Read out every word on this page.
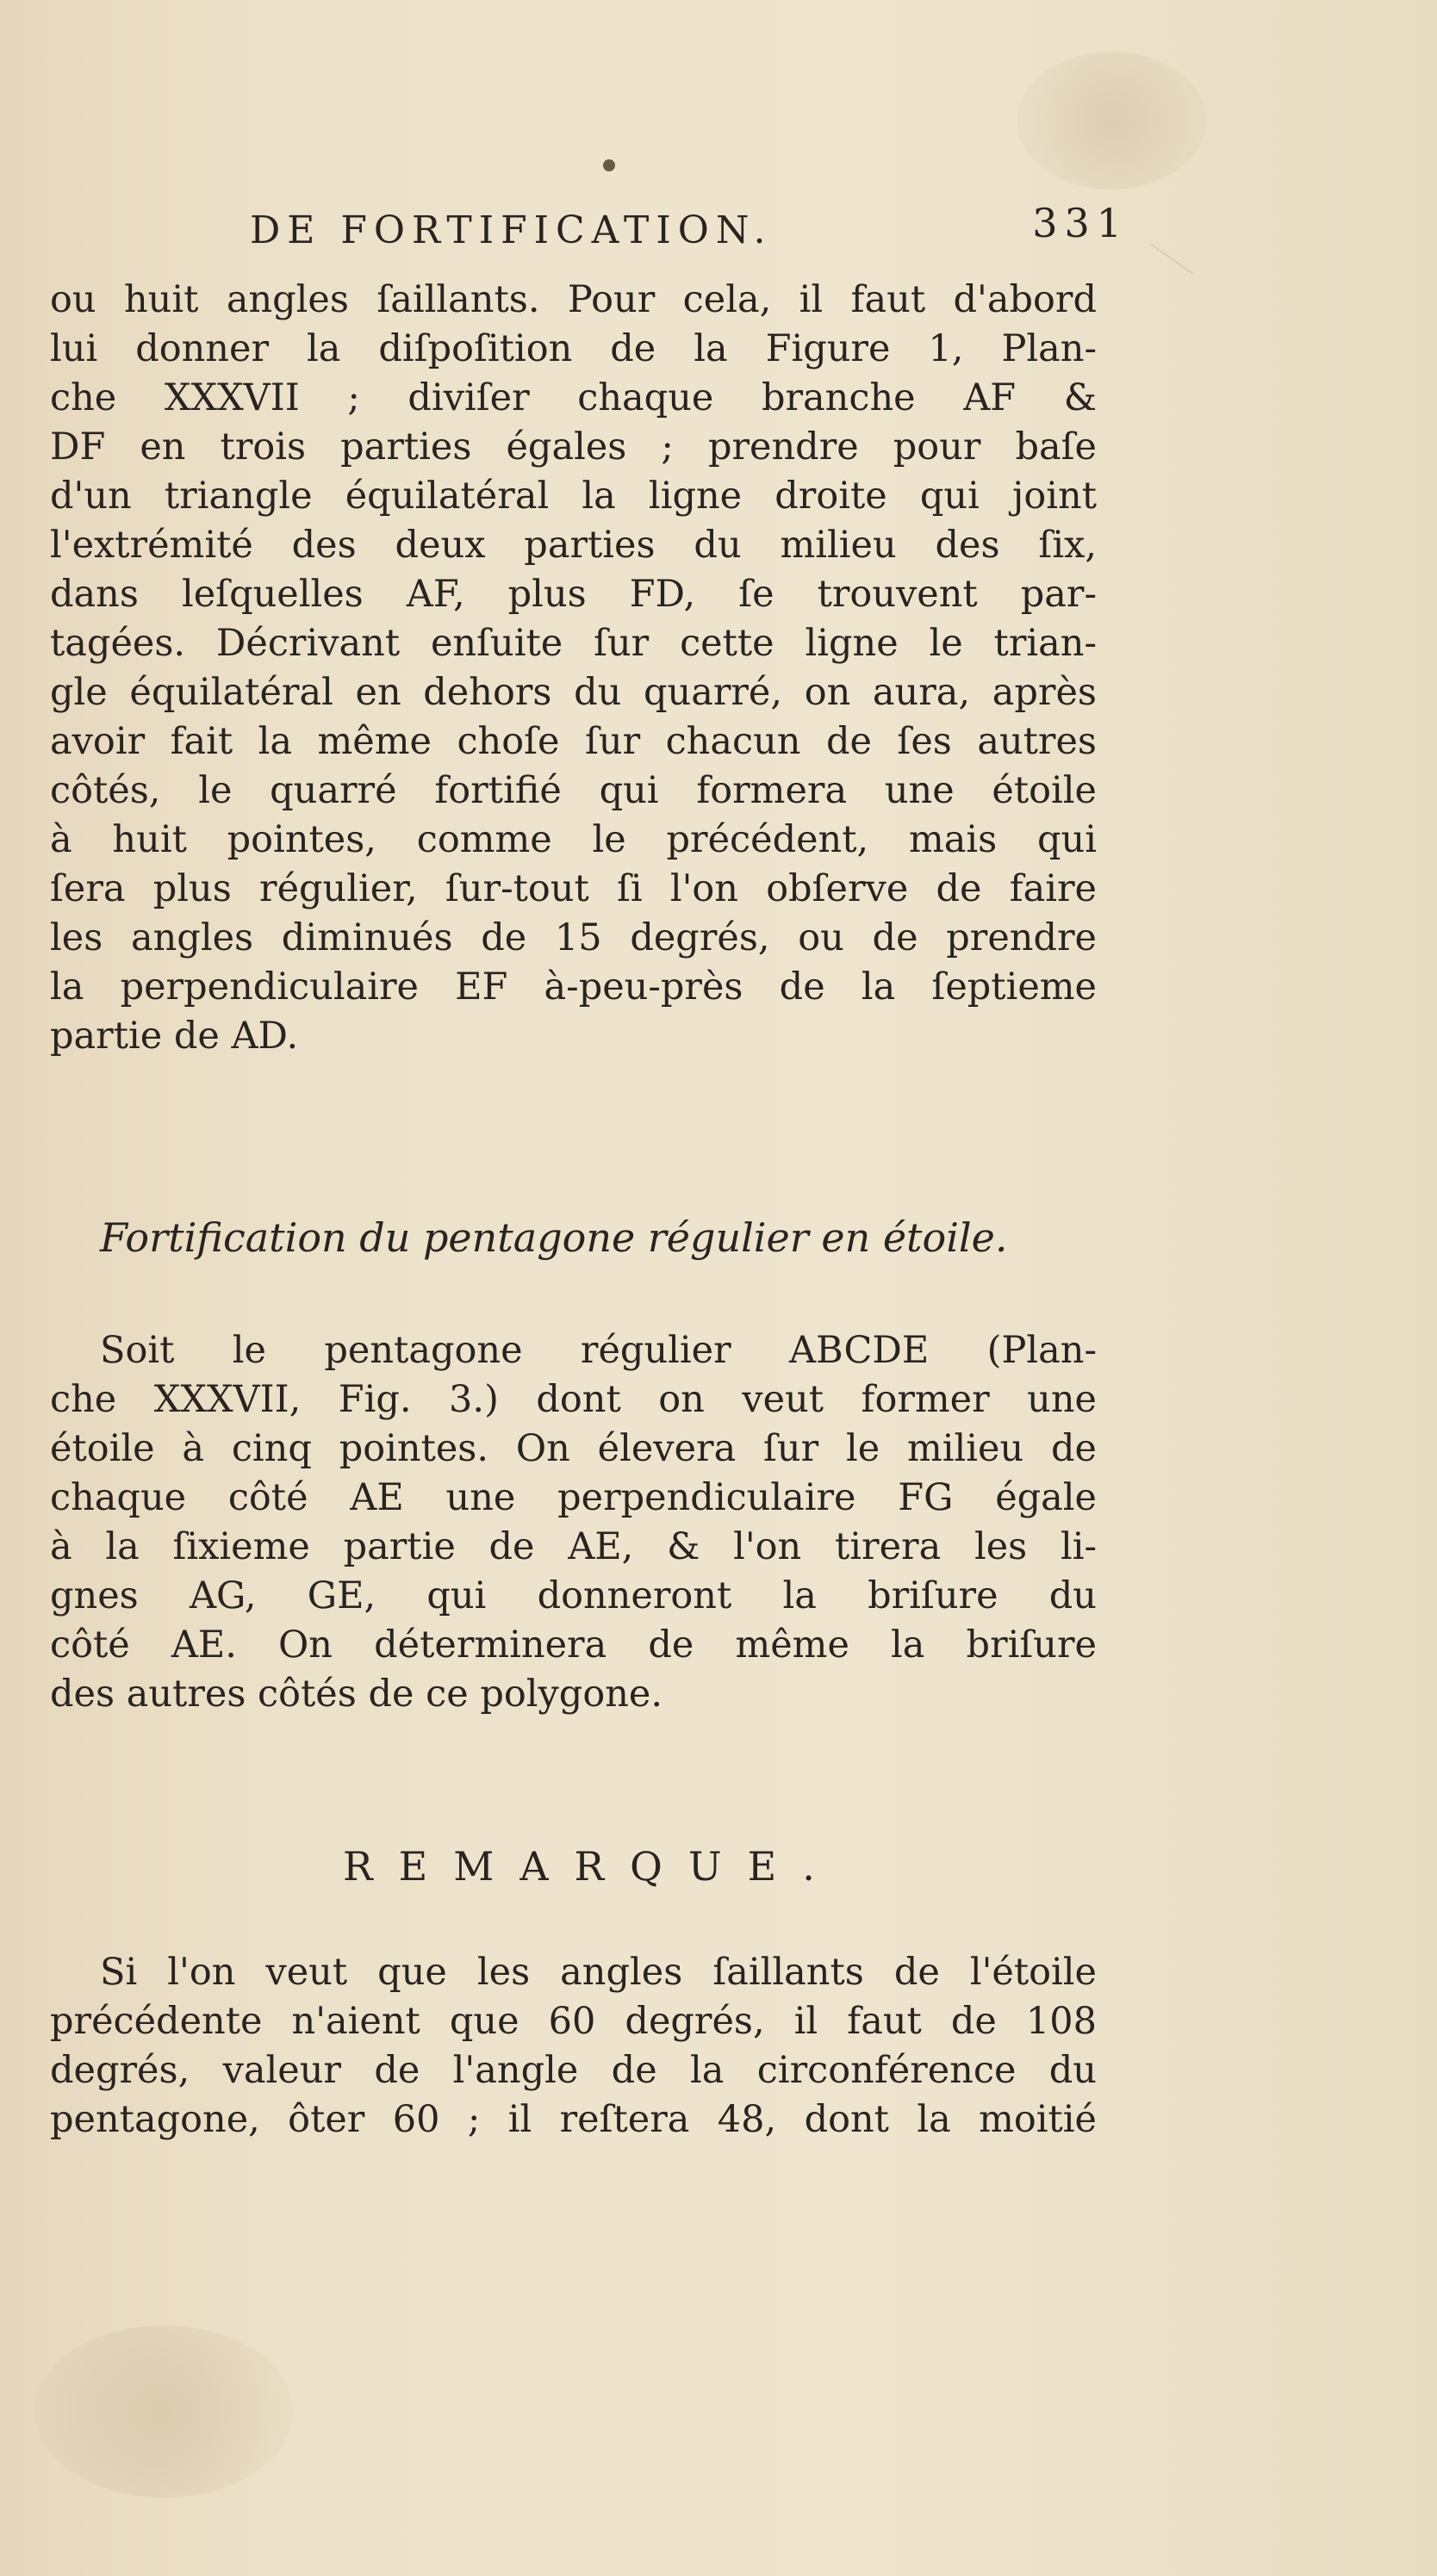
DE FORTIFICATION.	331
ou huit angles ſaillants. Pour cela, il faut d'abord
lui donner la diſpoſition de la Figure 1, Plan-
che XXXVII ; diviſer chaque branche AF &
DF en trois parties égales ; prendre pour baſe
d'un triangle équilatéral la ligne droite qui joint
l'extrémité des deux parties du milieu des ſix,
dans leſquelles AF, plus FD, ſe trouvent par-
tagées. Décrivant enſuite ſur cette ligne le trian-
gle équilatéral en dehors du quarré, on aura, après
avoir fait la même choſe ſur chacun de ſes autres
côtés, le quarré fortifié qui formera une étoile
à huit pointes, comme le précédent, mais qui
ſera plus régulier, ſur-tout ſi l'on obſerve de faire
les angles diminués de 15 degrés, ou de prendre
la perpendiculaire EF à-peu-près de la ſeptieme
partie de AD.
Fortification du pentagone régulier en étoile.
Soit le pentagone régulier ABCDE (Plan-
che XXXVII, Fig. 3.) dont on veut former une
étoile à cinq pointes. On élevera ſur le milieu de
chaque côté AE une perpendiculaire FG égale
à la ſixieme partie de AE, & l'on tirera les li-
gnes AG, GE, qui donneront la briſure du
côté AE. On déterminera de même la briſure
des autres côtés de ce polygone.
REMARQUE.
Si l'on veut que les angles ſaillants de l'étoile
précédente n'aient que 60 degrés, il faut de 108
degrés, valeur de l'angle de la circonférence du
pentagone, ôter 60 ; il reſtera 48, dont la moitié
